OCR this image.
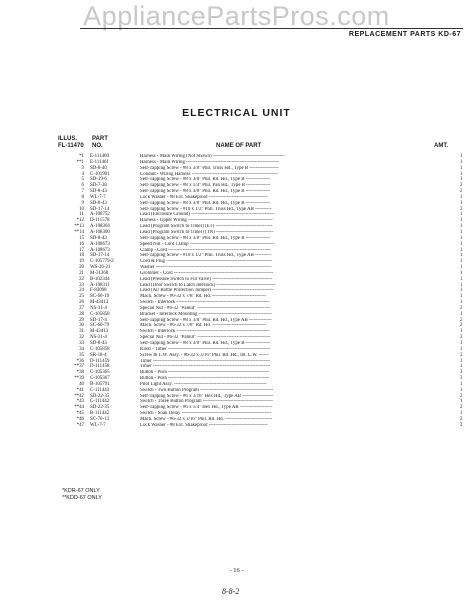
AppliancePartsPros.com
REPLACEMENT PARTS KD-67
ELECTRICAL UNIT
ILLUS.	PART
FL-11470 NO.	NAME OF PART	AMT.
*1 E-111460	Harness - Main Wiring (Not Shown) --------------------------------------------	1
**1 E-111461	Harness - Main Wiring ---------------------------------------------------------	1
3 SD-8-40	Self-Tapping Screw - #8 x 3/8" Phil. Truss Hd., Type B ------------------	1
4 C-101991	Conduit - Wiring Harness -----------------------------------------------------	1
5 SD-19-6	Self-Tapping Screw - #8 x 3/8" Phil. Rd. Hd., Type B ---------------	1
6 SD-7-38	Self-Tapping Screw - #8 x 1/4" Phil. Pan Hd., Type B ---------------	2
7 SD-8-43	Self-Tapping Screw - #8 x 3/8" Phil. Rd. Hd., Type B ---------------	2
8 WL-7-7	Lock Washer - #8 Ext. Shakeproof ------------------------------------	1
9 SD-8-43	Self-Tapping Screw - #8 x 3/8" Phil. Rd. Hd., Type B ---------------	1
10 SD-17-14	Self-Tapping Screw - #10 x 1/2" Phil. Truss Hd., Type AB ----------	2
11 A-108752	Lead (Enclosure Ground) ---------------------------------------------------	1
*12 D-111578	Harness - Upper Wiring ----------------------------------------------------	1
**13 A-108304	Lead (Program Switch to Timer) (ET) -----------------------------------	1
**14 A-108300	Lead (Program Switch to Timer) (TN) -----------------------------------	1
15 SD-8-43	Self-Tapping Screw - #8 x 3/8" Phil. Rd. Hd., Type B ---------------	1
16 A-108673	Speed Nut - Cord Clamp ----------------------------------------------------	1
17 A-108673	Clamp - Cord ---------------------------------------------------------------	1
18 SD-17-14	Self-Tapping Screw - #10 x 1/2" Phil. Truss Hd., Type AB ----------	1
19 C-105779-2	Cord & Plug -----------------------------------------------------------------	1
20 WS-26-21	Washer -----------------------------------------------------------------------	1
21 M-31368	Grommet - Cord -------------------------------------------------------------	1
22 B-102344	Lead (Pressure Switch to Fill Valve) -------------------------------------	1
23 A-108311	Lead (Door Switch to Latch Interlock) ------------------------------------	1
24 F-83098	Lead (Air Bottle Protection Jumper) --------------------------------------	1
25 SC-60-19	Mach. Screw - #6-32 x 7/8" Rd. Hd. ---------------------------------	1
26 M-43413	Switch - Interlock ---------------------------------------------------------	1
27 NS-31-4	Special Nut - #6-32 "Palnut" ---------------------------------------------	2
28 C-105858	Bracket - Interlock Mounting ---------------------------------------------	1
29 SD-17-4	Self-Tapping Screw - #8 x 3/8" Phil. Rd. Hd., Type AB --------------	2
30 SC-60-79	Mach. Screw - #6-32 x 7/8" Rd. Hd. ---------------------------------	2
31 M-43413	Switch - Interlock ---------------------------------------------------------	1
32 NS-31-4	Special Nut - #6-32 "Palnut" ---------------------------------------------	2
33 SD-8-43	Self-Tapping Screw - #8 x 3/8" Phil. Rd. Hd., Type B ---------------	1
34 C-105858	Knob - Timer ---------------------------------------------------------------	1
35 SR-18-4	Screw & L.W. Assy. - #6-32 x 3/16" Phil. Rd. Hd., Int. L.W. ------	2
*36 D-111459	Timer ------------------------------------------------------------------------	1
**37 D-111458	Timer ------------------------------------------------------------------------	1
*38 C-105365	Button - Push --------------------------------------------------------------	3
**39 C-105367	Button - Push --------------------------------------------------------------	3
40 B-105791	Pilot Light Assy. ---------------------------------------------------------	1
*41 C-111443	Switch - Two Button Program ---------------------------------------------	1
**42 SD-22-35	Self-Tapping Screw - #6 x 3/16" Hex Hd., Type AB -------------------	2
*43 C-111442	Switch - Three Button Program -------------------------------------------	1
**44 SD-22-35	Self-Tapping Screw - #6 x 1/4" Hex Hd., Type AB --------------------	2
*45 B-111442	Switch - Soak Delay -------------------------------------------------------	1
*46 SC-76-13	Mach. Screw - #6-32 x 3/16" Phil. Rd. Hd. -----------------------------	2
*47 WL-7-7	Lock Washer - #8 Ext. Shakeproof ------------------------------------	2
*KDR-67 ONLY
**KDD-67 ONLY
- 16 -
8-8-2
